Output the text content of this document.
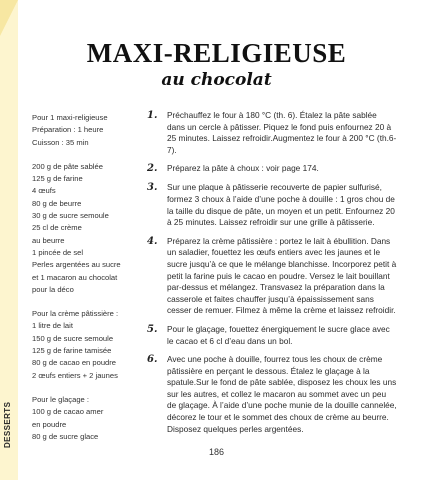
DESSERTS
MAXI-RELIGIEUSE
au chocolat
Pour 1 maxi-religieuse
Préparation : 1 heure
Cuisson : 35 min
200 g de pâte sablée
125 g de farine
4 œufs
80 g de beurre
30 g de sucre semoule
25 cl de crème
au beurre
1 pincée de sel
Perles argentées au sucre
et 1 macaron au chocolat
pour la déco
Pour la crème pâtissière :
1 litre de lait
150 g de sucre semoule
125 g de farine tamisée
80 g de cacao en poudre
2 œufs entiers + 2 jaunes
Pour le glaçage :
100 g de cacao amer
en poudre
80 g de sucre glace
1.	Préchauffez le four à 180 °C (th. 6). Étalez la pâte sablée dans un cercle à pâtisser. Piquez le fond puis enfournez 20 à 25 minutes. Laissez refroidir.Augmentez le four à 200 °C (th.6-7).
2.	Préparez la pâte à choux : voir page 174.
3.	Sur une plaque à pâtisserie recouverte de papier sulfurisé, formez 3 choux à l’aide d’une poche à douille : 1 gros chou de la taille du disque de pâte, un moyen et un petit. Enfournez 20 à 25 minutes. Laissez refroidir sur une grille à pâtisserie.
4.	Préparez la crème pâtissière : portez le lait à ébullition. Dans un saladier, fouettez les œufs entiers avec les jaunes et le sucre jusqu’à ce que le mélange blanchisse. Incorporez petit à petit la farine puis le cacao en poudre. Versez le lait bouillant par-dessus et mélangez. Transvasez la préparation dans la casserole et faites chauffer jusqu’à épaississement sans cesser de remuer. Filmez à même la crème et laissez refroidir.
5.	Pour le glaçage, fouettez énergiquement le sucre glace avec le cacao et 6 cl d’eau dans un bol.
6.	Avec une poche à douille, fourrez tous les choux de crème pâtissière en perçant le dessous. Étalez le glaçage à la spatule.Sur le fond de pâte sablée, disposez les choux les uns sur les autres, et collez le macaron au sommet avec un peu de glaçage. À l’aide d’une poche munie de la douille cannelée, décorez le tour et le sommet des choux de crème au beurre. Disposez quelques perles argentées.
186
